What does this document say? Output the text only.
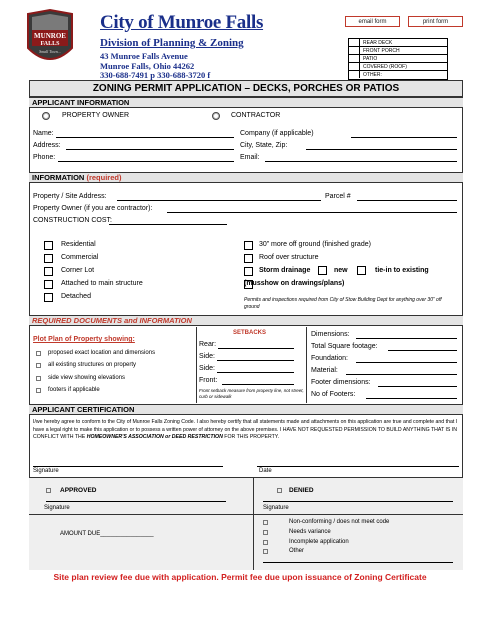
MUNROE
FALLS
Small Town...
City of Munroe Falls
Division of Planning & Zoning
43 Munroe Falls Avenue
Munroe Falls, Ohio 44262
330-688-7491 p 330-688-3720 f
email form	print form
REAR DECK
FRONT PORCH
PATIO
COVERED (ROOF)
OTHER:
ZONING PERMIT APPLICATION – DECKS, PORCHES OR PATIOS
APPLICANT INFORMATION
PROPERTY OWNER	CONTRACTOR
Name:	Company (if applicable)
Address:	City, State, Zip:
Phone:	Email:
INFORMATION (required)
Property / Site Address:	Parcel #
Property Owner (if you are contractor):
CONSTRUCTION COST:
Residential
Commercial
Corner Lot
Attached to main structure
Detached
30” more off ground (finished grade)
Roof over structure
Storm drainage	new	tie-in to existing
(musshow on drawings/plans)
Permits and inspections required from City of Stow Building Dept for anything over 30” off ground
REQUIRED DOCUMENTS and INFORMATION
Plot Plan of Property showing:
proposed exact location and dimensions
all existing structures on property
side view showing elevations
footers if applicable
SETBACKS
Rear:
Side:
Side:
Front:
Front setback measure from property line, not street, curb or sidewalk
Dimensions:
Total Square footage:
Foundation:
Material:
Footer dimensions:
No of Footers:
APPLICANT CERTIFICATION
I/we hereby agree to conform to the City of Munroe Falls Zoning Code. I also hereby certify that all statements made and attachments on this application are true and complete and that I have a legal right to make this application or to possess a written power of attorney on the above premises. I HAVE NOT REQUESTED PERMISSION TO BUILD ANYTHING THAT IS IN CONFLICT WITH THE HOMEOWNER'S ASSOCIATION or DEED RESTRICTION FOR THIS PROPERTY.
Signature	Date
APPROVED
Signature
DENIED
Signature
AMOUNT DUE________________
Non-conforming / does not meet code
Needs variance
Incomplete application
Other
Site plan review fee due with application. Permit fee due upon issuance of Zoning Certificate
